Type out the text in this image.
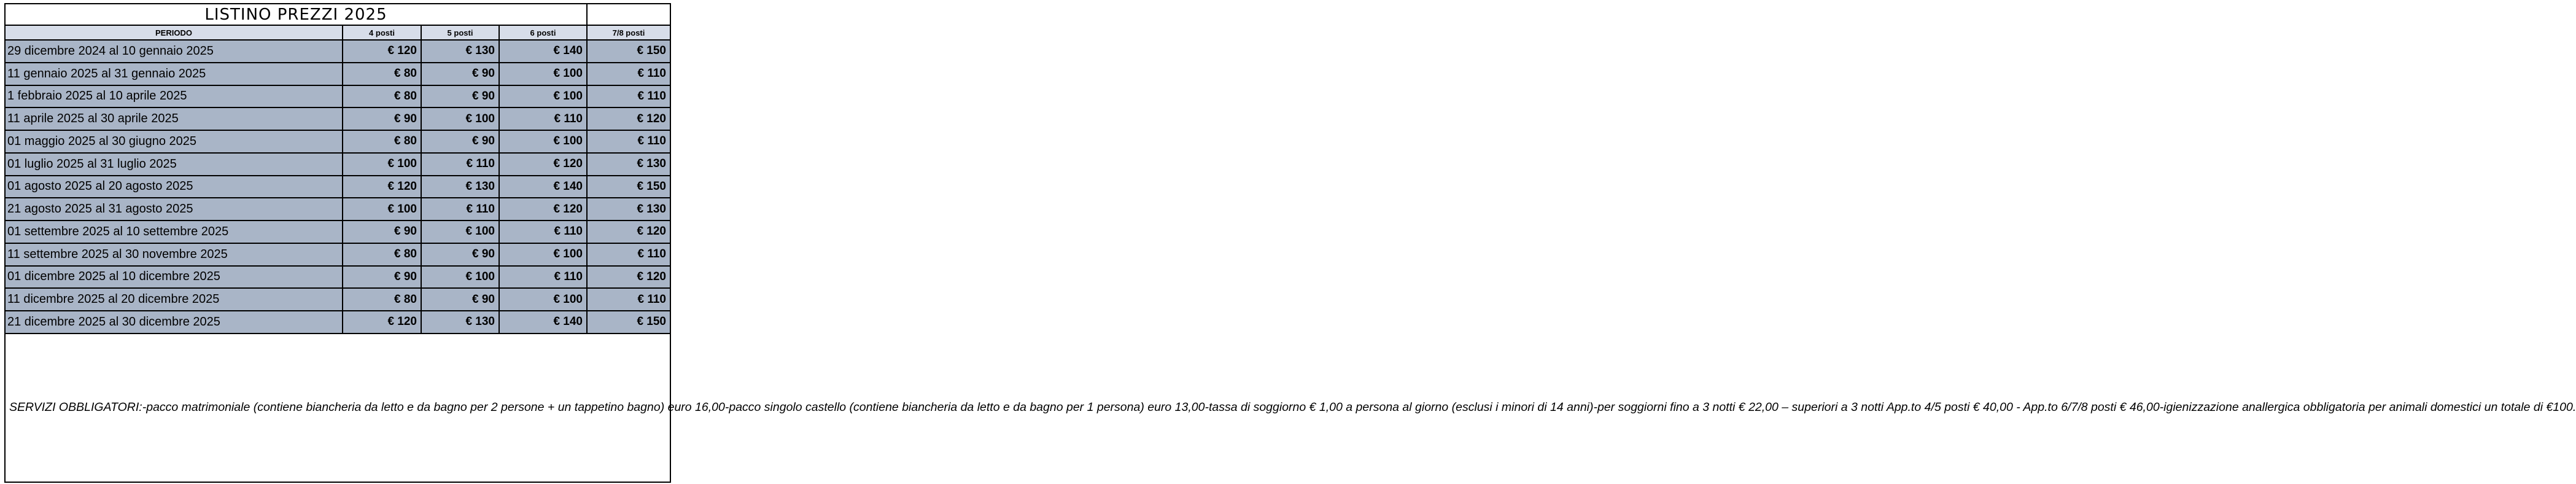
LISTINO PREZZI 2025
PERIODO	4 posti	5 posti	6 posti	7/8 posti
29 dicembre 2024 al 10 gennaio 2025	€ 120	€ 130	€ 140	€ 150
11 gennaio 2025 al 31 gennaio 2025	€ 80	€ 90	€ 100	€ 110
1 febbraio 2025 al 10 aprile 2025	€ 80	€ 90	€ 100	€ 110
11 aprile 2025 al 30 aprile 2025	€ 90	€ 100	€ 110	€ 120
01 maggio 2025 al 30 giugno 2025	€ 80	€ 90	€ 100	€ 110
01 luglio 2025 al 31 luglio 2025	€ 100	€ 110	€ 120	€ 130
01 agosto 2025 al 20 agosto 2025	€ 120	€ 130	€ 140	€ 150
21 agosto 2025 al 31 agosto 2025	€ 100	€ 110	€ 120	€ 130
01 settembre 2025 al 10 settembre 2025	€ 90	€ 100	€ 110	€ 120
11 settembre 2025 al 30 novembre 2025	€ 80	€ 90	€ 100	€ 110
01 dicembre 2025 al 10 dicembre 2025	€ 90	€ 100	€ 110	€ 120
11 dicembre 2025 al 20 dicembre 2025	€ 80	€ 90	€ 100	€ 110
21 dicembre 2025 al 30 dicembre 2025	€ 120	€ 130	€ 140	€ 150
SERVIZI OBBLIGATORI: -pacco matrimoniale (contiene biancheria da letto e da bagno per 2 persone + un tappetino bagno) euro 16,00 -pacco singolo castello (contiene biancheria da letto e da bagno per 1 persona) euro 13,00 -tassa di soggiorno € 1,00 a persona al giorno (esclusi i minori di 14 anni) -per soggiorni fino a 3 notti € 22,00 – superiori a 3 notti App.to 4/5 posti € 40,00 - App.to 6/7/8 posti € 46,00 -igienizzazione anallergica obbligatoria per animali domestici un totale di €100.
